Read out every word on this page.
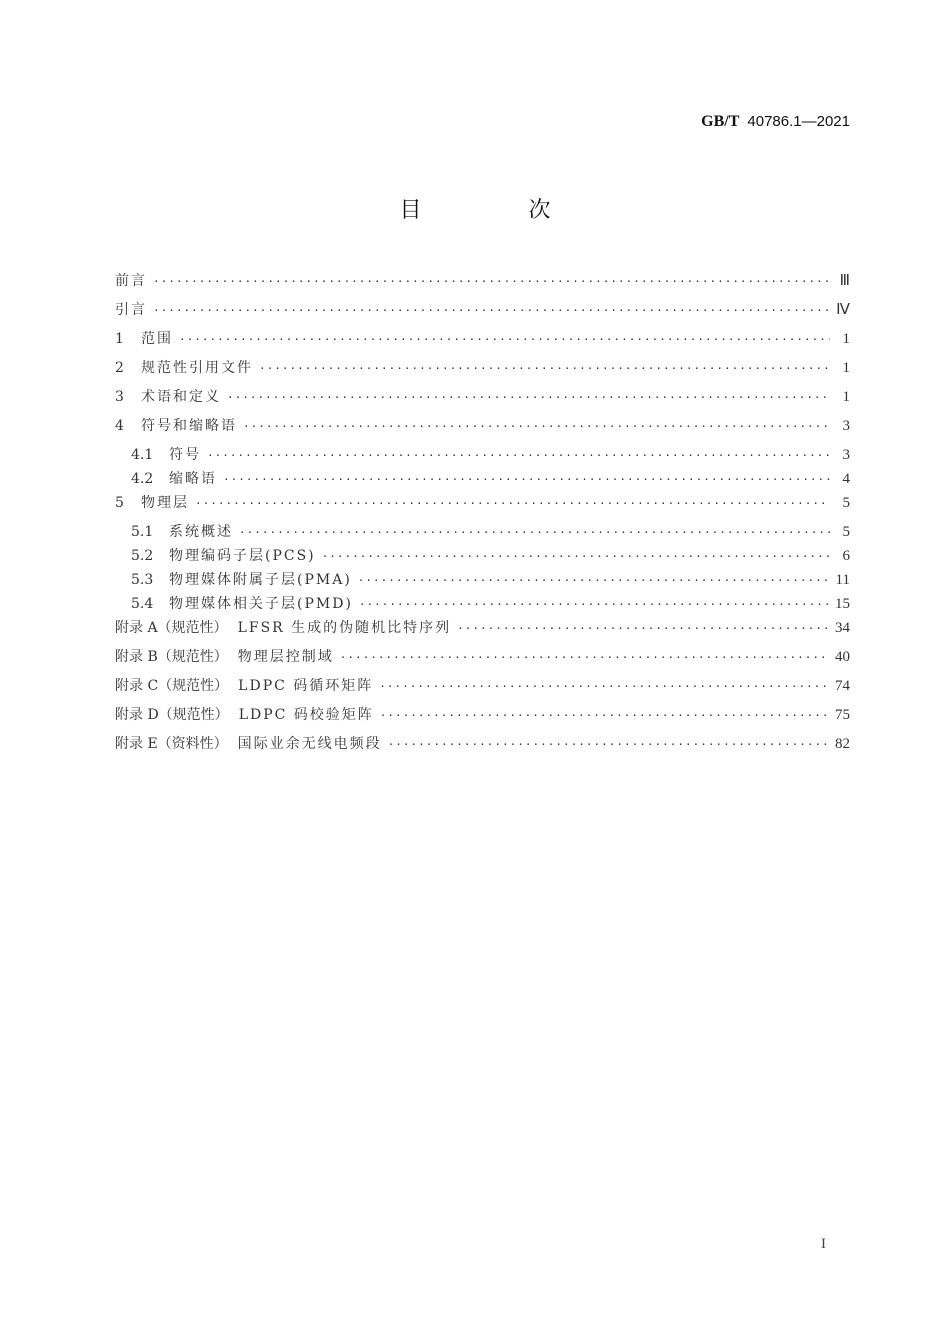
GB/T 40786.1—2021
目 次
前言 ·····	Ⅲ
引言 ·····	Ⅳ
1	范围 ·····	1
2	规范性引用文件 ·····	1
3	术语和定义 ·····	1
4	符号和缩略语 ·····	3
4.1	符号 ·····	3
4.2	缩略语 ·····	4
5	物理层 ·····	5
5.1	系统概述 ·····	5
5.2	物理编码子层(PCS) ·····	6
5.3	物理媒体附属子层(PMA) ·····	11
5.4	物理媒体相关子层(PMD) ·····	15
附录 A（规范性） LFSR 生成的伪随机比特序列 ·····	34
附录 B（规范性） 物理层控制域 ·····	40
附录 C（规范性） LDPC 码循环矩阵 ·····	74
附录 D（规范性） LDPC 码校验矩阵 ·····	75
附录 E（资料性） 国际业余无线电频段 ·····	82
I
